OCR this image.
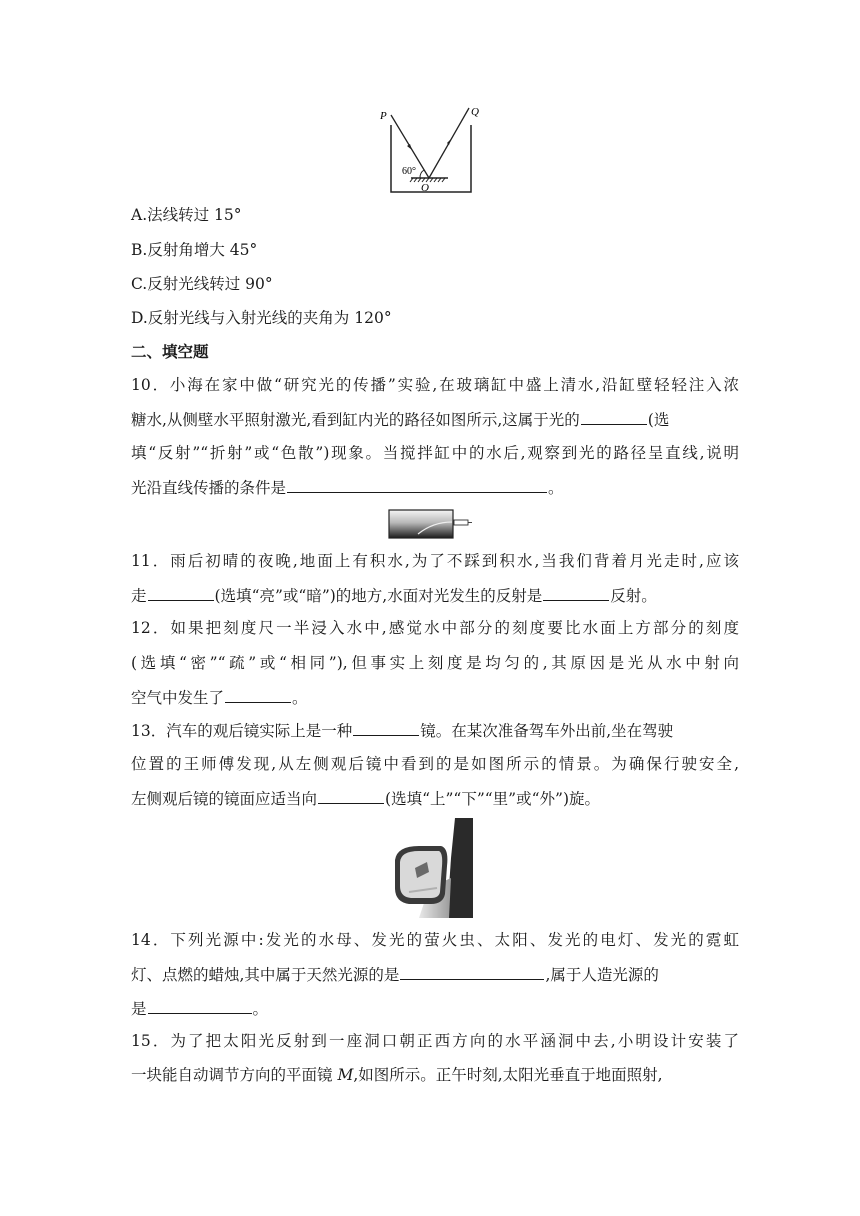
P	Q
O
60°
A.法线转过 15°
B.反射角增大 45°
C.反射光线转过 90°
D.反射光线与入射光线的夹角为 120°
二、填空题
10．小海在家中做“研究光的传播”实验,在玻璃缸中盛上清水,沿缸壁轻轻注入浓
糖水,从侧壁水平照射激光,看到缸内光的路径如图所示,这属于光的	(选
填“反射”“折射”或“色散”)现象。当搅拌缸中的水后,观察到光的路径呈直线,说明
光沿直线传播的条件是	。
11．雨后初晴的夜晚,地面上有积水,为了不踩到积水,当我们背着月光走时,应该
走	(选填“亮”或“暗”)的地方,水面对光发生的反射是	反射。
12．如果把刻度尺一半浸入水中,感觉水中部分的刻度要比水面上方部分的刻度
(选填“密”“疏”或“相同”),但事实上刻度是均匀的,其原因是光从水中射向
空气中发生了	。
13．汽车的观后镜实际上是一种	镜。在某次准备驾车外出前,坐在驾驶
位置的王师傅发现,从左侧观后镜中看到的是如图所示的情景。为确保行驶安全,
左侧观后镜的镜面应适当向	(选填“上”“下”“里”或“外”)旋。
14．下列光源中:发光的水母、发光的萤火虫、太阳、发光的电灯、发光的霓虹
灯、点燃的蜡烛,其中属于天然光源的是	,属于人造光源的
是	。
15．为了把太阳光反射到一座洞口朝正西方向的水平涵洞中去,小明设计安装了
一块能自动调节方向的平面镜 M,如图所示。正午时刻,太阳光垂直于地面照射,
